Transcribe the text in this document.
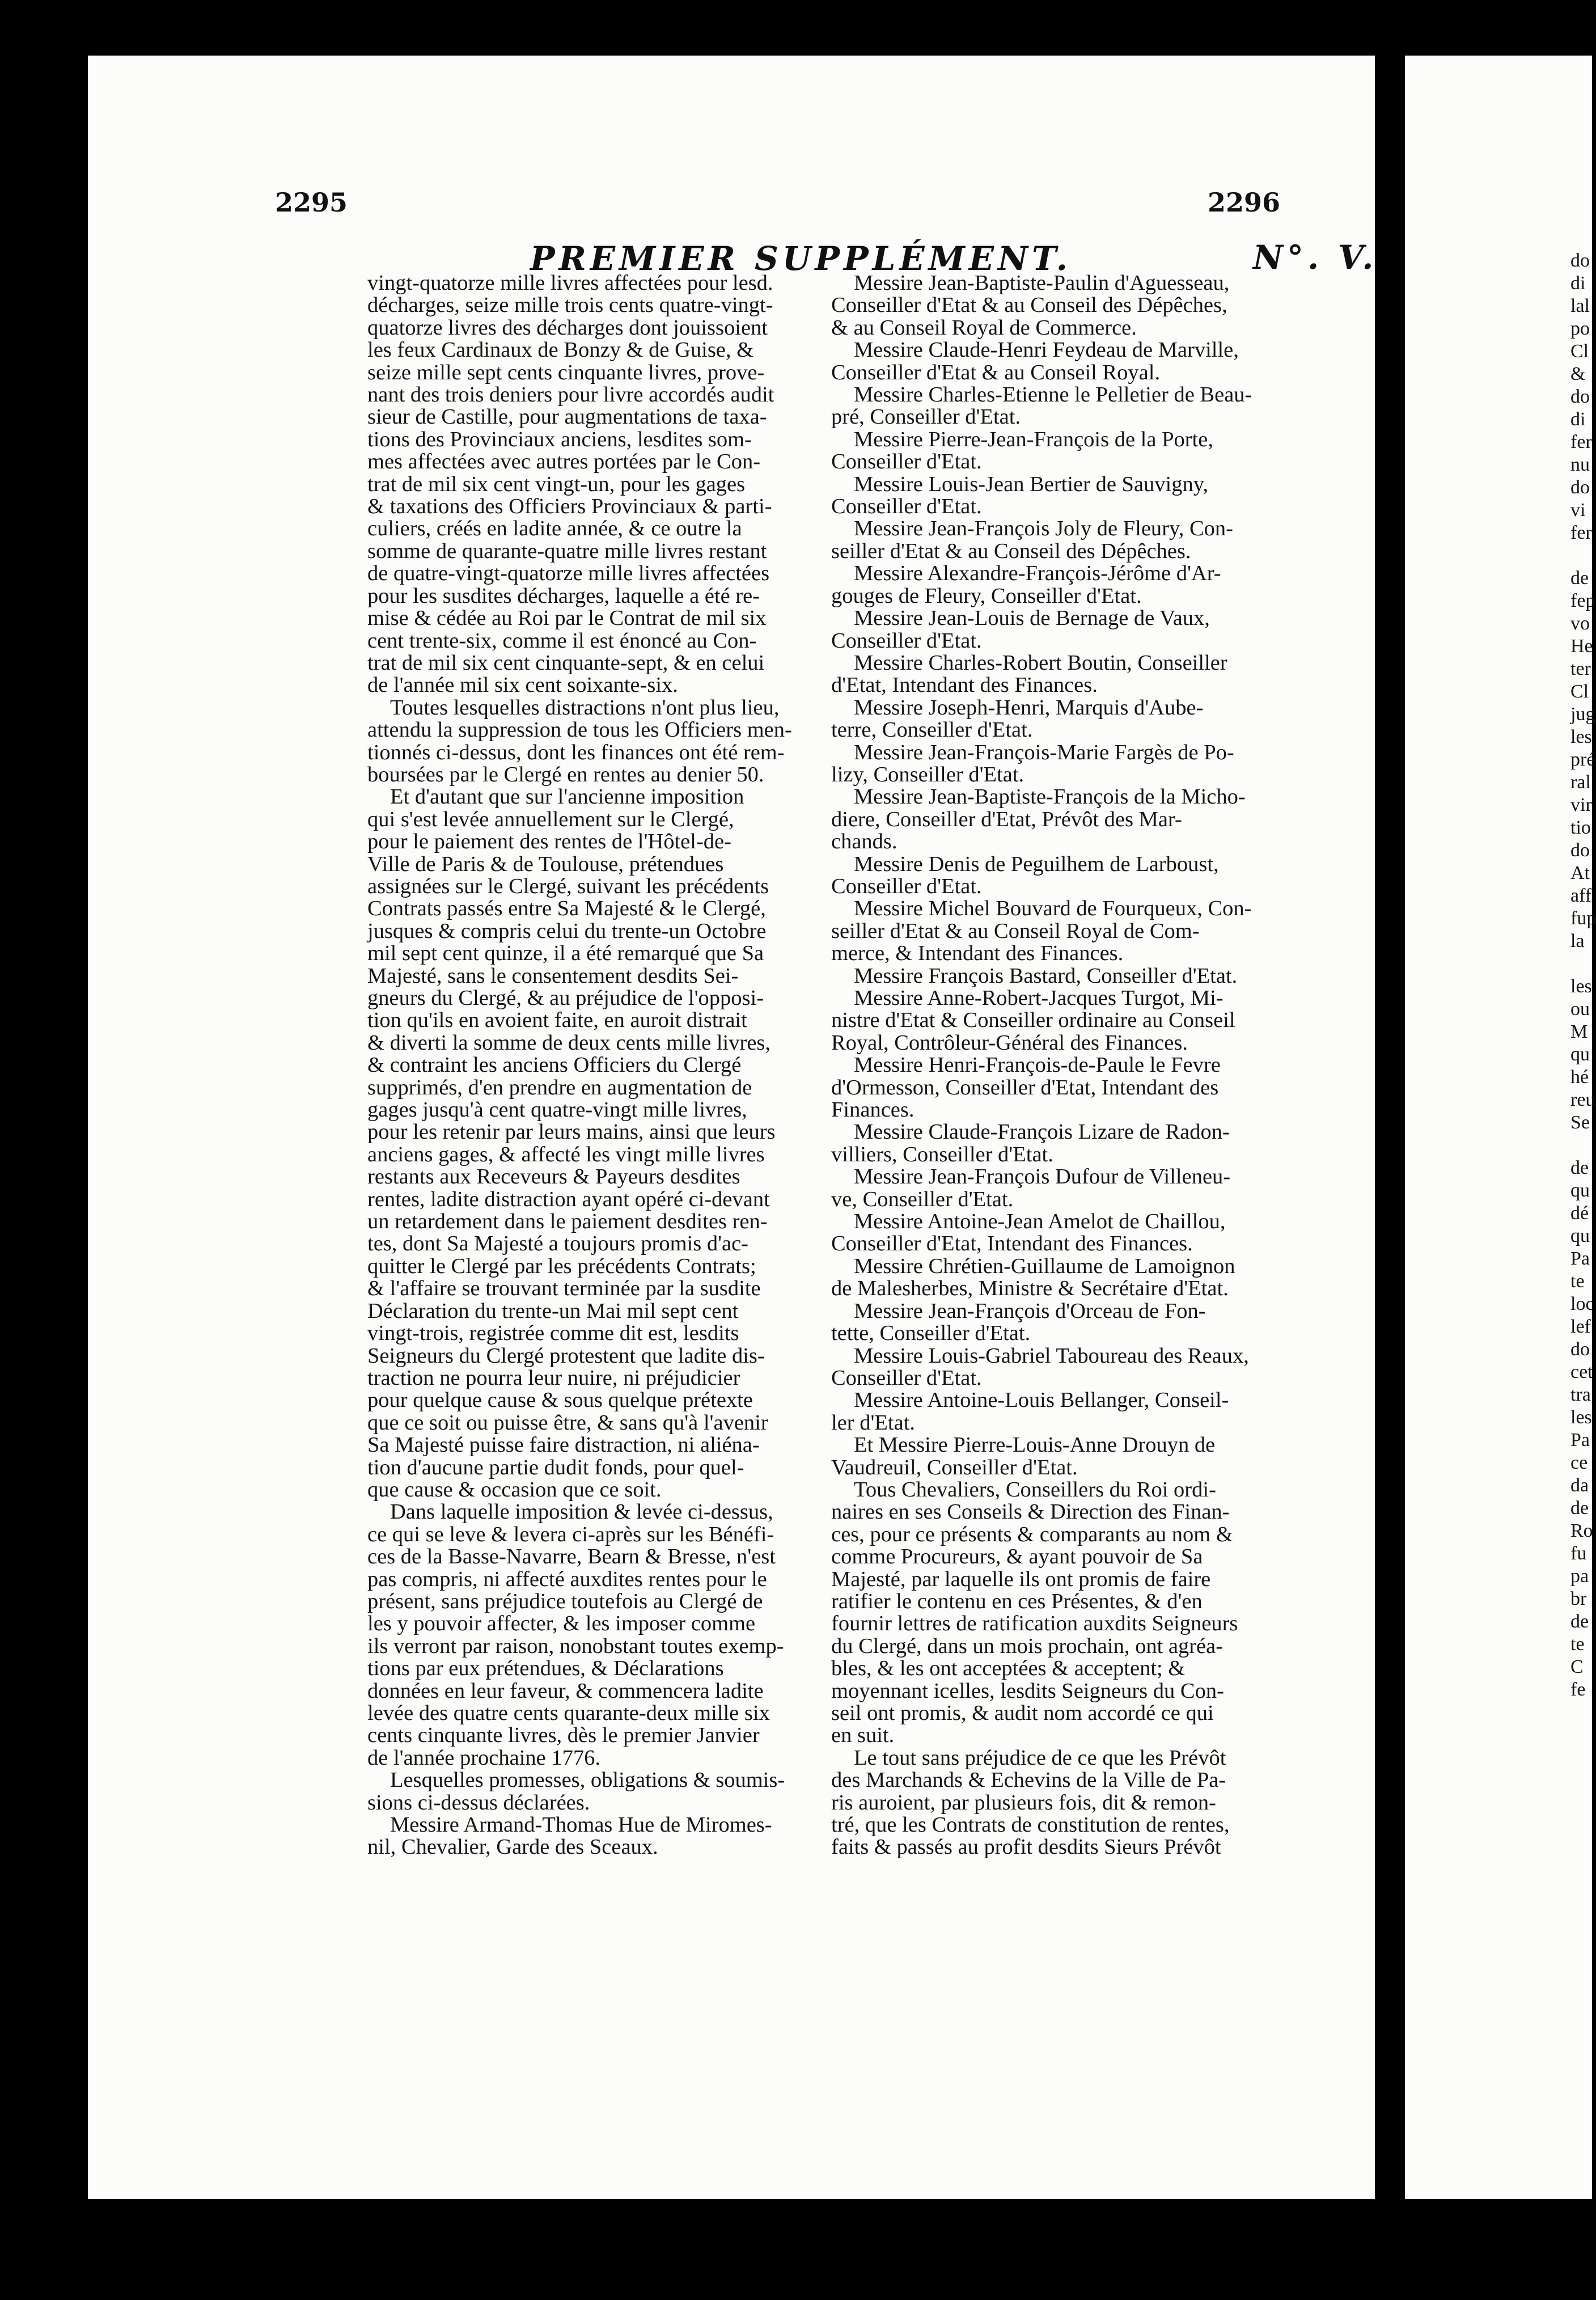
2295
PREMIER SUPPLÉMENT.	N°. V.
2296

vingt-quatorze mille livres affectées pour lesd.
décharges, seize mille trois cents quatre-vingt-
quatorze livres des décharges dont jouissoient
les feux Cardinaux de Bonzy & de Guise, &
seize mille sept cents cinquante livres, prove-
nant des trois deniers pour livre accordés audit
sieur de Castille, pour augmentations de taxa-
tions des Provinciaux anciens, lesdites som-
mes affectées avec autres portées par le Con-
trat de mil six cent vingt-un, pour les gages
& taxations des Officiers Provinciaux & parti-
culiers, créés en ladite année, & ce outre la
somme de quarante-quatre mille livres restant
de quatre-vingt-quatorze mille livres affectées
pour les susdites décharges, laquelle a été re-
mise & cédée au Roi par le Contrat de mil six
cent trente-six, comme il est énoncé au Con-
trat de mil six cent cinquante-sept, & en celui
de l'année mil six cent soixante-six.

Toutes lesquelles distractions n'ont plus lieu,
attendu la suppression de tous les Officiers men-
tionnés ci-dessus, dont les finances ont été rem-
boursées par le Clergé en rentes au denier 50.

Et d'autant que sur l'ancienne imposition
qui s'est levée annuellement sur le Clergé,
pour le paiement des rentes de l'Hôtel-de-
Ville de Paris & de Toulouse, prétendues
assignées sur le Clergé, suivant les précédents
Contrats passés entre Sa Majesté & le Clergé,
jusques & compris celui du trente-un Octobre
mil sept cent quinze, il a été remarqué que Sa
Majesté, sans le consentement desdits Sei-
gneurs du Clergé, & au préjudice de l'opposi-
tion qu'ils en avoient faite, en auroit distrait
& diverti la somme de deux cents mille livres,
& contraint les anciens Officiers du Clergé
supprimés, d'en prendre en augmentation de
gages jusqu'à cent quatre-vingt mille livres,
pour les retenir par leurs mains, ainsi que leurs
anciens gages, & affecté les vingt mille livres
restants aux Receveurs & Payeurs desdites
rentes, ladite distraction ayant opéré ci-devant
un retardement dans le paiement desdites ren-
tes, dont Sa Majesté a toujours promis d'ac-
quitter le Clergé par les précédents Contrats;
& l'affaire se trouvant terminée par la susdite
Déclaration du trente-un Mai mil sept cent
vingt-trois, registrée comme dit est, lesdits
Seigneurs du Clergé protestent que ladite dis-
traction ne pourra leur nuire, ni préjudicier
pour quelque cause & sous quelque prétexte
que ce soit ou puisse être, & sans qu'à l'avenir
Sa Majesté puisse faire distraction, ni aliéna-
tion d'aucune partie dudit fonds, pour quel-
que cause & occasion que ce soit.

Dans laquelle imposition & levée ci-dessus,
ce qui se leve & levera ci-après sur les Bénéfi-
ces de la Basse-Navarre, Bearn & Bresse, n'est
pas compris, ni affecté auxdites rentes pour le
présent, sans préjudice toutefois au Clergé de
les y pouvoir affecter, & les imposer comme
ils verront par raison, nonobstant toutes exemp-
tions par eux prétendues, & Déclarations
données en leur faveur, & commencera ladite
levée des quatre cents quarante-deux mille six
cents cinquante livres, dès le premier Janvier
de l'année prochaine 1776.

Lesquelles promesses, obligations & soumis-
sions ci-dessus déclarées.

Messire Armand-Thomas Hue de Miromes-
nil, Chevalier, Garde des Sceaux.

Messire Jean-Baptiste-Paulin d'Aguesseau,
Conseiller d'Etat & au Conseil des Dépêches,
& au Conseil Royal de Commerce.

Messire Claude-Henri Feydeau de Marville,
Conseiller d'Etat & au Conseil Royal.

Messire Charles-Etienne le Pelletier de Beau-
pré, Conseiller d'Etat.

Messire Pierre-Jean-François de la Porte,
Conseiller d'Etat.

Messire Louis-Jean Bertier de Sauvigny,
Conseiller d'Etat.

Messire Jean-François Joly de Fleury, Con-
seiller d'Etat & au Conseil des Dépêches.

Messire Alexandre-François-Jérôme d'Ar-
gouges de Fleury, Conseiller d'Etat.

Messire Jean-Louis de Bernage de Vaux,
Conseiller d'Etat.

Messire Charles-Robert Boutin, Conseiller
d'Etat, Intendant des Finances.

Messire Joseph-Henri, Marquis d'Aube-
terre, Conseiller d'Etat.

Messire Jean-François-Marie Fargès de Po-
lizy, Conseiller d'Etat.

Messire Jean-Baptiste-François de la Micho-
diere, Conseiller d'Etat, Prévôt des Mar-
chands.

Messire Denis de Peguilhem de Larboust,
Conseiller d'Etat.

Messire Michel Bouvard de Fourqueux, Con-
seiller d'Etat & au Conseil Royal de Com-
merce, & Intendant des Finances.

Messire François Bastard, Conseiller d'Etat.

Messire Anne-Robert-Jacques Turgot, Mi-
nistre d'Etat & Conseiller ordinaire au Conseil
Royal, Contrôleur-Général des Finances.

Messire Henri-François-de-Paule le Fevre
d'Ormesson, Conseiller d'Etat, Intendant des
Finances.

Messire Claude-François Lizare de Radon-
villiers, Conseiller d'Etat.

Messire Jean-François Dufour de Villeneu-
ve, Conseiller d'Etat.

Messire Antoine-Jean Amelot de Chaillou,
Conseiller d'Etat, Intendant des Finances.

Messire Chrétien-Guillaume de Lamoignon
de Malesherbes, Ministre & Secrétaire d'Etat.

Messire Jean-François d'Orceau de Fon-
tette, Conseiller d'Etat.

Messire Louis-Gabriel Taboureau des Reaux,
Conseiller d'Etat.

Messire Antoine-Louis Bellanger, Conseil-
ler d'Etat.

Et Messire Pierre-Louis-Anne Drouyn de
Vaudreuil, Conseiller d'Etat.

Tous Chevaliers, Conseillers du Roi ordi-
naires en ses Conseils & Direction des Finan-
ces, pour ce présents & comparants au nom &
comme Procureurs, & ayant pouvoir de Sa
Majesté, par laquelle ils ont promis de faire
ratifier le contenu en ces Présentes, & d'en
fournir lettres de ratification auxdits Seigneurs
du Clergé, dans un mois prochain, ont agréa-
bles, & les ont acceptées & acceptent; &
moyennant icelles, lesdits Seigneurs du Con-
seil ont promis, & audit nom accordé ce qui
en suit.

Le tout sans préjudice de ce que les Prévôt
des Marchands & Echevins de la Ville de Pa-
ris auroient, par plusieurs fois, dit & remon-
tré, que les Contrats de constitution de rentes,
faits & passés au profit desdits Sieurs Prévôt

do
di
lal
po
Cl
&
do
di
fer
nu
do
vi
fer

de
fep
vo
He
ter
Cl
jug
les
pré
ral
vir
tio
do
At
aff
fup
la

les
ou
M
qu
hé
reu
Se

de
qu
dé
qu
Pa
te
loc
lef
do
cet
tra
les
Pa
ce
da
de
Ro
fu
pa
br
de
te
C
fe
